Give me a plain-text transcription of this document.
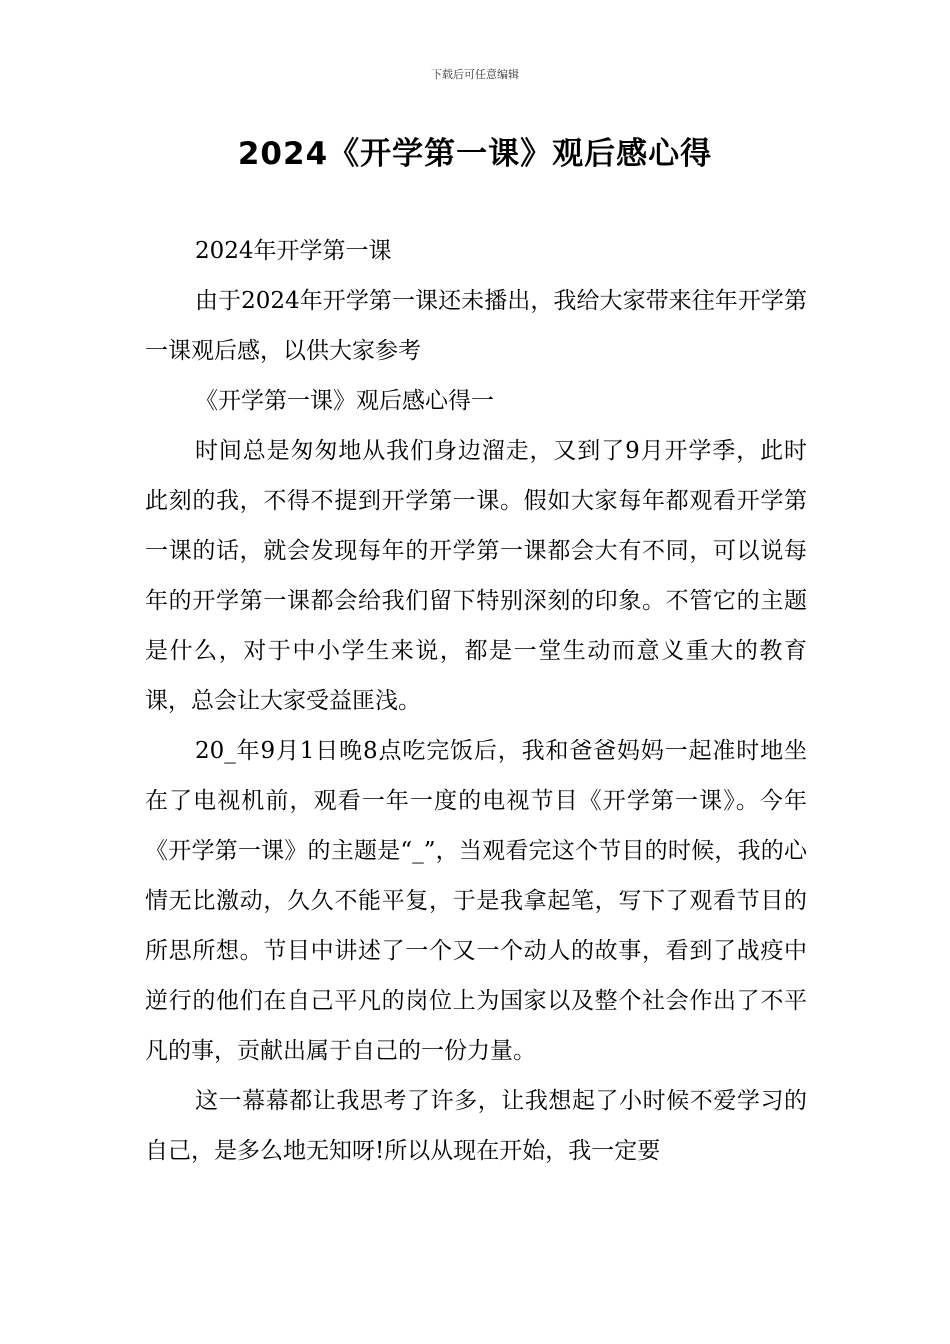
下载后可任意编辑
2024《开学第一课》观后感心得

2024年开学第一课

由于2024年开学第一课还未播出，我给大家带来往年开学第一课观后感，以供大家参考

《开学第一课》观后感心得一

时间总是匆匆地从我们身边溜走，又到了9月开学季，此时此刻的我，不得不提到开学第一课。假如大家每年都观看开学第一课的话，就会发现每年的开学第一课都会大有不同，可以说每年的开学第一课都会给我们留下特别深刻的印象。不管它的主题是什么，对于中小学生来说，都是一堂生动而意义重大的教育课，总会让大家受益匪浅。

20_年9月1日晚8点吃完饭后，我和爸爸妈妈一起准时地坐在了电视机前，观看一年一度的电视节目《开学第一课》。今年《开学第一课》的主题是“_”，当观看完这个节目的时候，我的心情无比激动，久久不能平复，于是我拿起笔，写下了观看节目的所思所想。节目中讲述了一个又一个动人的故事，看到了战疫中逆行的他们在自己平凡的岗位上为国家以及整个社会作出了不平凡的事，贡献出属于自己的一份力量。

这一幕幕都让我思考了许多，让我想起了小时候不爱学习的自己，是多么地无知呀!所以从现在开始，我一定要
